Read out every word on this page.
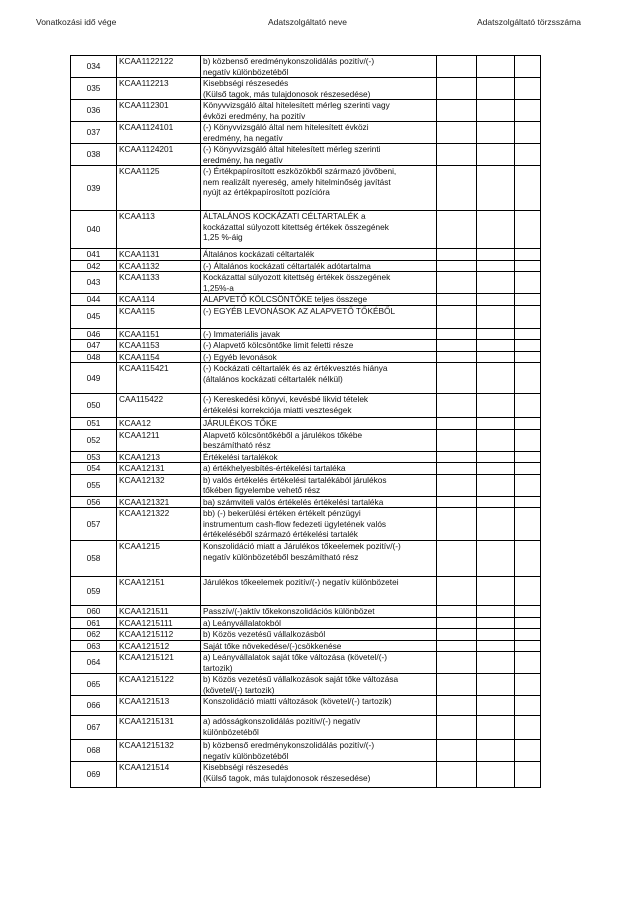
Vonatkozási idő vége	Adatszolgáltató neve	Adatszolgáltató törzsszáma
034	KCAA1122122	b) közbenső eredménykonszolidálás pozitív/(-)
negatív különbözetéből			
035	KCAA112213	Kisebbségi részesedés
(Külső tagok, más tulajdonosok részesedése)			
036	KCAA112301	Könyvvizsgáló által hitelesített mérleg szerinti vagy
évközi eredmény, ha pozitív			
037	KCAA1124101	(-) Könyvvizsgáló által nem hitelesített évközi
eredmény, ha negatív			
038	KCAA1124201	(-) Könyvvizsgáló által hitelesített mérleg szerinti
eredmény, ha negatív			
039	KCAA1125	(-) Értékpapírosított eszközökből származó jövőbeni,
nem realizált nyereség, amely hitelminőség javítást
nyújt az értékpapírosított pozícióra			
040	KCAA113	ÁLTALÁNOS KOCKÁZATI CÉLTARTALÉK a
kockázattal súlyozott kitettség értékek összegének
1,25 %-áig			
041	KCAA1131	Általános kockázati céltartalék			
042	KCAA1132	(-) Általános kockázati céltartalék adótartalma			
043	KCAA1133	Kockázattal súlyozott kitettség értékek összegének
1,25%-a			
044	KCAA114	ALAPVETŐ KÖLCSÖNTŐKE teljes összege			
045	KCAA115	(-) EGYÉB LEVONÁSOK AZ ALAPVETŐ TŐKÉBŐL			
046	KCAA1151	(-) Immateriális javak			
047	KCAA1153	(-) Alapvető kölcsöntőke limit feletti része			
048	KCAA1154	(-) Egyéb levonások			
049	KCAA115421	(-) Kockázati céltartalék és az értékvesztés hiánya
(általános kockázati céltartalék nélkül)			
050	CAA115422	(-) Kereskedési könyvi, kevésbé likvid tételek
értékelési korrekciója miatti veszteségek			
051	KCAA12	JÁRULÉKOS TŐKE			
052	KCAA1211	Alapvető kölcsöntőkéből a járulékos tőkébe
beszámítható rész			
053	KCAA1213	Értékelési tartalékok			
054	KCAA12131	a) értékhelyesbítés-értékelési tartaléka			
055	KCAA12132	b) valós értékelés értékelési tartalékából járulékos
tőkében figyelembe vehető rész			
056	KCAA121321	ba) számviteli valós értékelés értékelési tartaléka			
057	KCAA121322	bb) (-) bekerülési értéken értékelt pénzügyi
instrumentum cash-flow fedezeti ügyletének valós
értékeléséből származó értékelési tartalék			
058	KCAA1215	Konszolidáció miatt a Járulékos tőkeelemek pozitív/(-)
negatív különbözetéből beszámítható rész			
059	KCAA12151	Járulékos tőkeelemek pozitív/(-) negatív különbözetei			
060	KCAA121511	Passzív/(-)aktív tőkekonszolidációs különbözet			
061	KCAA1215111	a) Leányvállalatokból			
062	KCAA1215112	b) Közös vezetésű vállalkozásból			
063	KCAA121512	Saját tőke növekedése/(-)csökkenése			
064	KCAA1215121	a) Leányvállalatok saját tőke változása (követel/(-)
tartozik)			
065	KCAA1215122	b) Közös vezetésű vállalkozások saját tőke változása
(követel/(-) tartozik)			
066	KCAA121513	Konszolidáció miatti változások (követel/(-) tartozik)			
067	KCAA1215131	a) adósságkonszolidálás pozitív/(-) negatív
különbözetéből			
068	KCAA1215132	b) közbenső eredménykonszolidálás pozitív/(-)
negatív különbözetéből			
069	KCAA121514	Kisebbségi részesedés
(Külső tagok, más tulajdonosok részesedése)			
